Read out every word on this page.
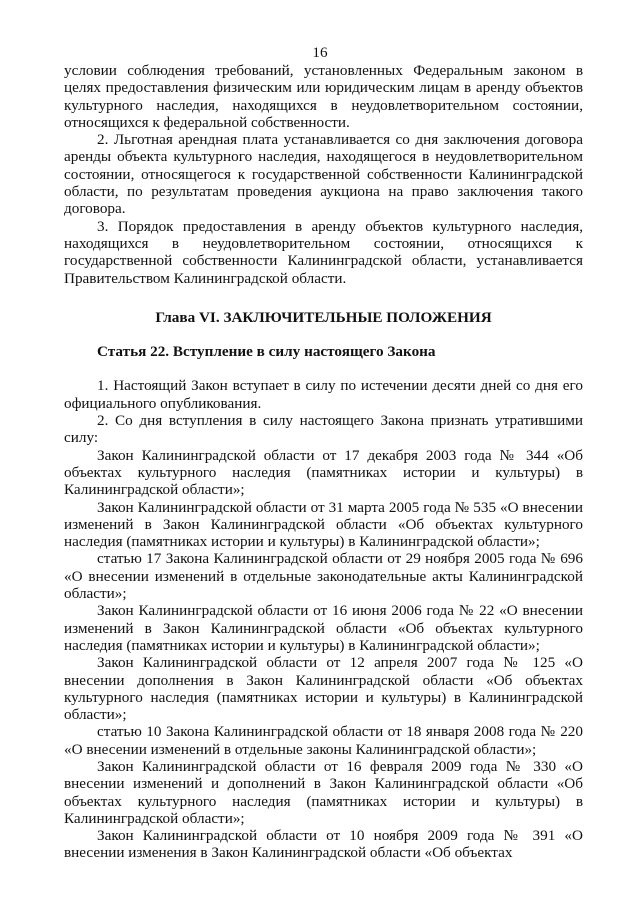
16

условии соблюдения требований, установленных Федеральным законом в целях предоставления физическим или юридическим лицам в аренду объектов культурного наследия, находящихся в неудовлетворительном состоянии, относящихся к федеральной собственности.

2. Льготная арендная плата устанавливается со дня заключения договора аренды объекта культурного наследия, находящегося в неудовлетворительном состоянии, относящегося к государственной собственности Калининградской области, по результатам проведения аукциона на право заключения такого договора.

3. Порядок предоставления в аренду объектов культурного наследия, находящихся в неудовлетворительном состоянии, относящихся к государственной собственности Калининградской области, устанавливается Правительством Калининградской области.

Глава VI. ЗАКЛЮЧИТЕЛЬНЫЕ ПОЛОЖЕНИЯ

Статья 22. Вступление в силу настоящего Закона

1. Настоящий Закон вступает в силу по истечении десяти дней со дня его официального опубликования.

2. Со дня вступления в силу настоящего Закона признать утратившими силу:

Закон Калининградской области от 17 декабря 2003 года № 344 «Об объектах культурного наследия (памятниках истории и культуры) в Калининградской области»;

Закон Калининградской области от 31 марта 2005 года № 535 «О внесении изменений в Закон Калининградской области «Об объектах культурного наследия (памятниках истории и культуры) в Калининградской области»;

статью 17 Закона Калининградской области от 29 ноября 2005 года № 696 «О внесении изменений в отдельные законодательные акты Калининградской области»;

Закон Калининградской области от 16 июня 2006 года № 22 «О внесении изменений в Закон Калининградской области «Об объектах культурного наследия (памятниках истории и культуры) в Калининградской области»;

Закон Калининградской области от 12 апреля 2007 года № 125 «О внесении дополнения в Закон Калининградской области «Об объектах культурного наследия (памятниках истории и культуры) в Калининградской области»;

статью 10 Закона Калининградской области от 18 января 2008 года № 220 «О внесении изменений в отдельные законы Калининградской области»;

Закон Калининградской области от 16 февраля 2009 года № 330 «О внесении изменений и дополнений в Закон Калининградской области «Об объектах культурного наследия (памятниках истории и культуры) в Калининградской области»;

Закон Калининградской области от 10 ноября 2009 года № 391 «О внесении изменения в Закон Калининградской области «Об объектах
